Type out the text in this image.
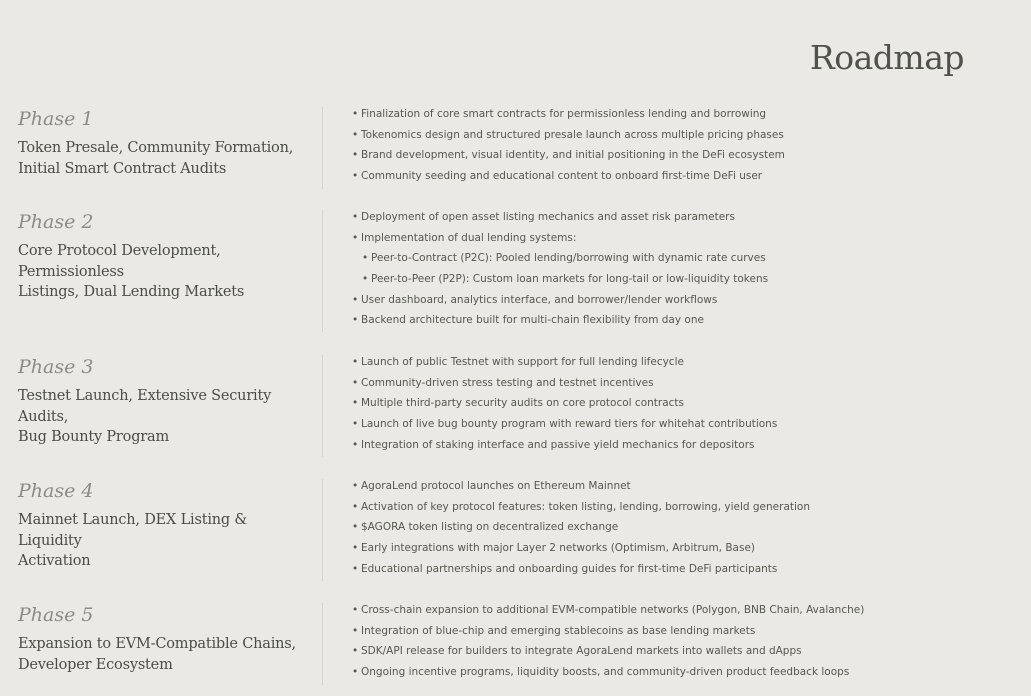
Roadmap
Phase 1
Token Presale, Community Formation,
Initial Smart Contract Audits
• Finalization of core smart contracts for permissionless lending and borrowing
• Tokenomics design and structured presale launch across multiple pricing phases
• Brand development, visual identity, and initial positioning in the DeFi ecosystem
• Community seeding and educational content to onboard first-time DeFi user
Phase 2
Core Protocol Development, Permissionless
Listings, Dual Lending Markets
• Deployment of open asset listing mechanics and asset risk parameters
• Implementation of dual lending systems:
• Peer-to-Contract (P2C): Pooled lending/borrowing with dynamic rate curves
• Peer-to-Peer (P2P): Custom loan markets for long-tail or low-liquidity tokens
• User dashboard, analytics interface, and borrower/lender workflows
• Backend architecture built for multi-chain flexibility from day one
Phase 3
Testnet Launch, Extensive Security Audits,
Bug Bounty Program
• Launch of public Testnet with support for full lending lifecycle
• Community-driven stress testing and testnet incentives
• Multiple third-party security audits on core protocol contracts
• Launch of live bug bounty program with reward tiers for whitehat contributions
• Integration of staking interface and passive yield mechanics for depositors
Phase 4
Mainnet Launch, DEX Listing & Liquidity
Activation
• AgoraLend protocol launches on Ethereum Mainnet
• Activation of key protocol features: token listing, lending, borrowing, yield generation
• $AGORA token listing on decentralized exchange
• Early integrations with major Layer 2 networks (Optimism, Arbitrum, Base)
• Educational partnerships and onboarding guides for first-time DeFi participants
Phase 5
Expansion to EVM-Compatible Chains,
Developer Ecosystem
• Cross-chain expansion to additional EVM-compatible networks (Polygon, BNB Chain, Avalanche)
• Integration of blue-chip and emerging stablecoins as base lending markets
• SDK/API release for builders to integrate AgoraLend markets into wallets and dApps
• Ongoing incentive programs, liquidity boosts, and community-driven product feedback loops
